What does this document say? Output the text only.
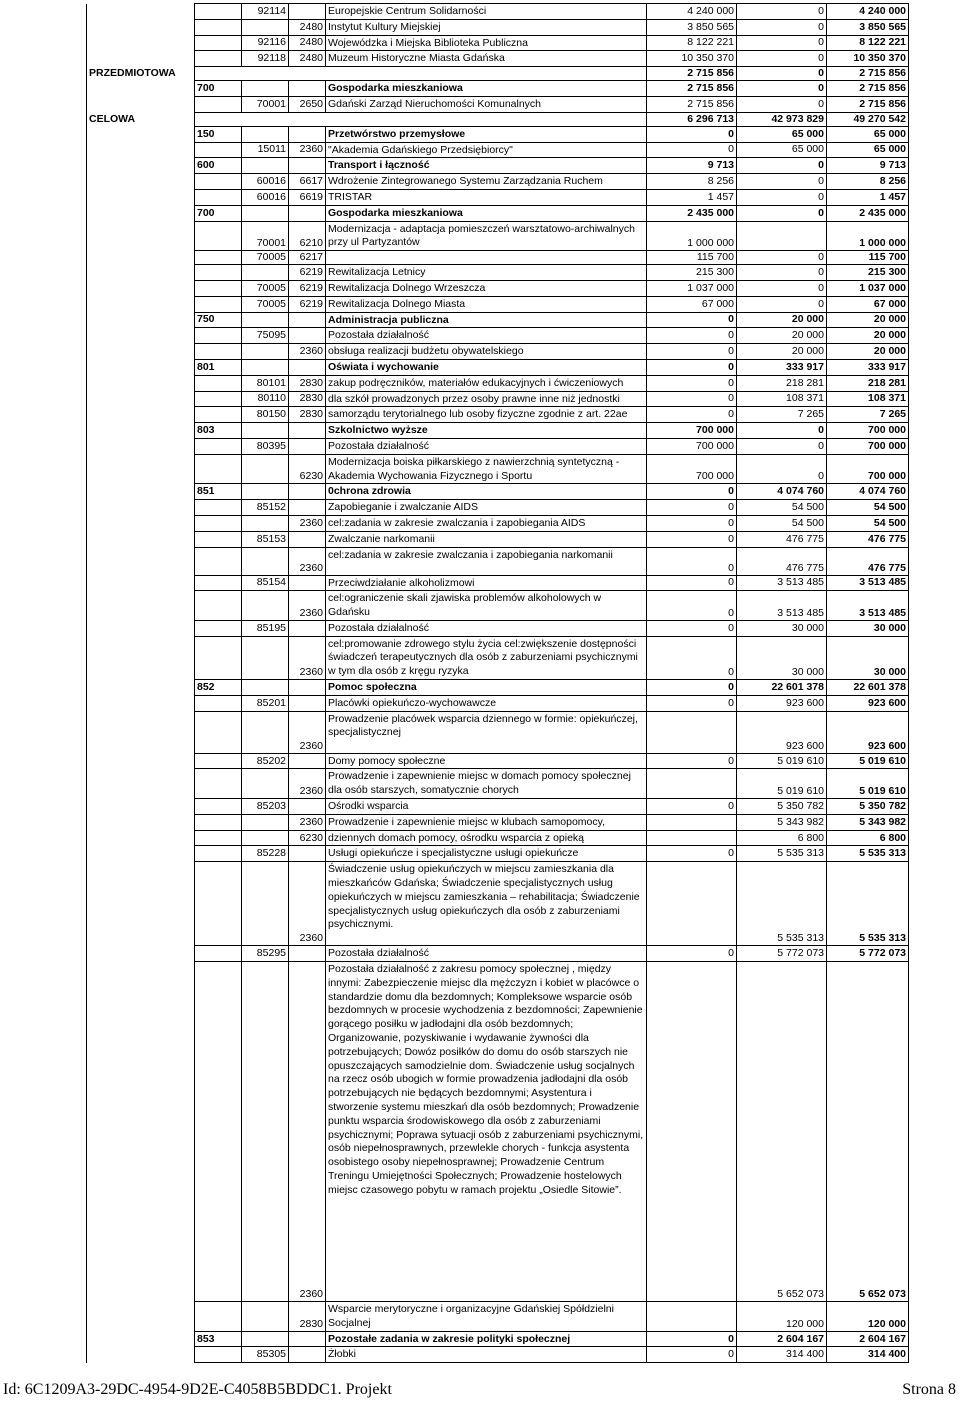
		92114		Europejskie Centrum Solidarności	4 240 000	0	4 240 000
			2480	Instytut Kultury Miejskiej	3 850 565	0	3 850 565
		92116	2480	Wojewódzka i Miejska Biblioteka Publiczna	8 122 221	0	8 122 221
		92118	2480	Muzeum Historyczne Miasta Gdańska	10 350 370	0	10 350 370
PRZEDMIOTOWA					2 715 856	0	2 715 856
	700			Gospodarka mieszkaniowa	2 715 856	0	2 715 856
		70001	2650	Gdański Zarząd Nieruchomości Komunalnych	2 715 856	0	2 715 856
CELOWA					6 296 713	42 973 829	49 270 542
	150			Przetwórstwo przemysłowe	0	65 000	65 000
		15011	2360	"Akademia Gdańskiego Przedsiębiorcy"	0	65 000	65 000
	600			Transport i łączność	9 713	0	9 713
		60016	6617	Wdrożenie Zintegrowanego Systemu Zarządzania Ruchem	8 256	0	8 256
		60016	6619	TRISTAR	1 457	0	1 457
	700			Gospodarka mieszkaniowa	2 435 000	0	2 435 000
		70001	6210	Modernizacja - adaptacja pomieszczeń warsztatowo-archiwalnych przy ul Partyzantów	1 000 000		1 000 000
		70005	6217		115 700	0	115 700
			6219	Rewitalizacja Letnicy	215 300	0	215 300
		70005	6219	Rewitalizacja Dolnego Wrzeszcza	1 037 000	0	1 037 000
		70005	6219	Rewitalizacja Dolnego Miasta	67 000	0	67 000
	750			Administracja publiczna	0	20 000	20 000
		75095		Pozostała działalność	0	20 000	20 000
			2360	obsługa realizacji budżetu obywatelskiego	0	20 000	20 000
	801			Oświata i wychowanie	0	333 917	333 917
		80101	2830	zakup podręczników, materiałów edukacyjnych i ćwiczeniowych	0	218 281	218 281
		80110	2830	dla szkół prowadzonych przez osoby prawne inne niż jednostki	0	108 371	108 371
		80150	2830	samorządu terytorialnego lub osoby fizyczne zgodnie z art. 22ae	0	7 265	7 265
	803			Szkolnictwo wyższe	700 000	0	700 000
		80395		Pozostała działalność	700 000	0	700 000
			6230	Modernizacja boiska piłkarskiego z nawierzchnią syntetyczną - Akademia Wychowania Fizycznego i Sportu	700 000	0	700 000
	851			0chrona zdrowia	0	4 074 760	4 074 760
		85152		Zapobieganie i zwalczanie AIDS	0	54 500	54 500
			2360	cel:zadania w zakresie zwalczania i zapobiegania AIDS	0	54 500	54 500
		85153		Zwalczanie narkomanii	0	476 775	476 775
			2360	cel:zadania w zakresie zwalczania i zapobiegania narkomanii	0	476 775	476 775
		85154		Przeciwdziałanie alkoholizmowi	0	3 513 485	3 513 485
			2360	cel:ograniczenie skali zjawiska problemów alkoholowych w Gdańsku	0	3 513 485	3 513 485
		85195		Pozostała działalność	0	30 000	30 000
			2360	cel:promowanie zdrowego stylu życia cel:zwiększenie dostępności świadczeń terapeutycznych dla osób z zaburzeniami psychicznymi w tym dla osób z kręgu ryzyka	0	30 000	30 000
	852			Pomoc społeczna	0	22 601 378	22 601 378
		85201		Placówki opiekuńczo-wychowawcze	0	923 600	923 600
			2360	Prowadzenie placówek wsparcia dziennego w formie: opiekuńczej, specjalistycznej		923 600	923 600
		85202		Domy pomocy społeczne	0	5 019 610	5 019 610
			2360	Prowadzenie i zapewnienie miejsc w domach pomocy społecznej dla osób starszych, somatycznie chorych		5 019 610	5 019 610
		85203		Ośrodki wsparcia	0	5 350 782	5 350 782
			2360	Prowadzenie i zapewnienie miejsc w klubach samopomocy,		5 343 982	5 343 982
			6230	dziennych domach pomocy, ośrodku wsparcia z opieką		6 800	6 800
		85228		Usługi opiekuńcze i specjalistyczne usługi opiekuńcze	0	5 535 313	5 535 313
			2360	Świadczenie usług opiekuńczych w miejscu zamieszkania dla mieszkańców Gdańska; Świadczenie specjalistycznych usług opiekuńczych w miejscu zamieszkania – rehabilitacja; Świadczenie specjalistycznych usług opiekuńczych dla osób z zaburzeniami psychicznymi.		5 535 313	5 535 313
		85295		Pozostała działalność	0	5 772 073	5 772 073
			2360	Pozostała działalność z zakresu pomocy społecznej , między innymi: Zabezpieczenie miejsc dla mężczyzn i kobiet w placówce o standardzie domu dla bezdomnych; Kompleksowe wsparcie osób bezdomnych w procesie wychodzenia z bezdomności; Zapewnienie gorącego posiłku w jadłodajni dla osób bezdomnych; Organizowanie, pozyskiwanie i wydawanie żywności dla potrzebujących; Dowóz posiłków do domu do osób starszych nie opuszczających samodzielnie dom. Świadczenie usług socjalnych na rzecz osób ubogich w formie prowadzenia jadłodajni dla osób potrzebujących nie będących bezdomnymi; Asystentura i stworzenie systemu mieszkań dla osób bezdomnych; Prowadzenie punktu wsparcia środowiskowego dla osób z zaburzeniami psychicznymi; Poprawa sytuacji osób z zaburzeniami psychicznymi, osób niepełnosprawnych, przewlekle chorych - funkcja asystenta osobistego osoby niepełnosprawnej; Prowadzenie Centrum Treningu Umiejętności Społecznych; Prowadzenie hostelowych miejsc czasowego pobytu w ramach projektu „Osiedle Sitowie”.		5 652 073	5 652 073
			2830	Wsparcie merytoryczne i organizacyjne Gdańskiej Spółdzielni Socjalnej		120 000	120 000
	853			Pozostałe zadania w zakresie polityki społecznej	0	2 604 167	2 604 167
		85305		Żłobki	0	314 400	314 400
Id: 6C1209A3-29DC-4954-9D2E-C4058B5BDDC1. Projekt	Strona 8
